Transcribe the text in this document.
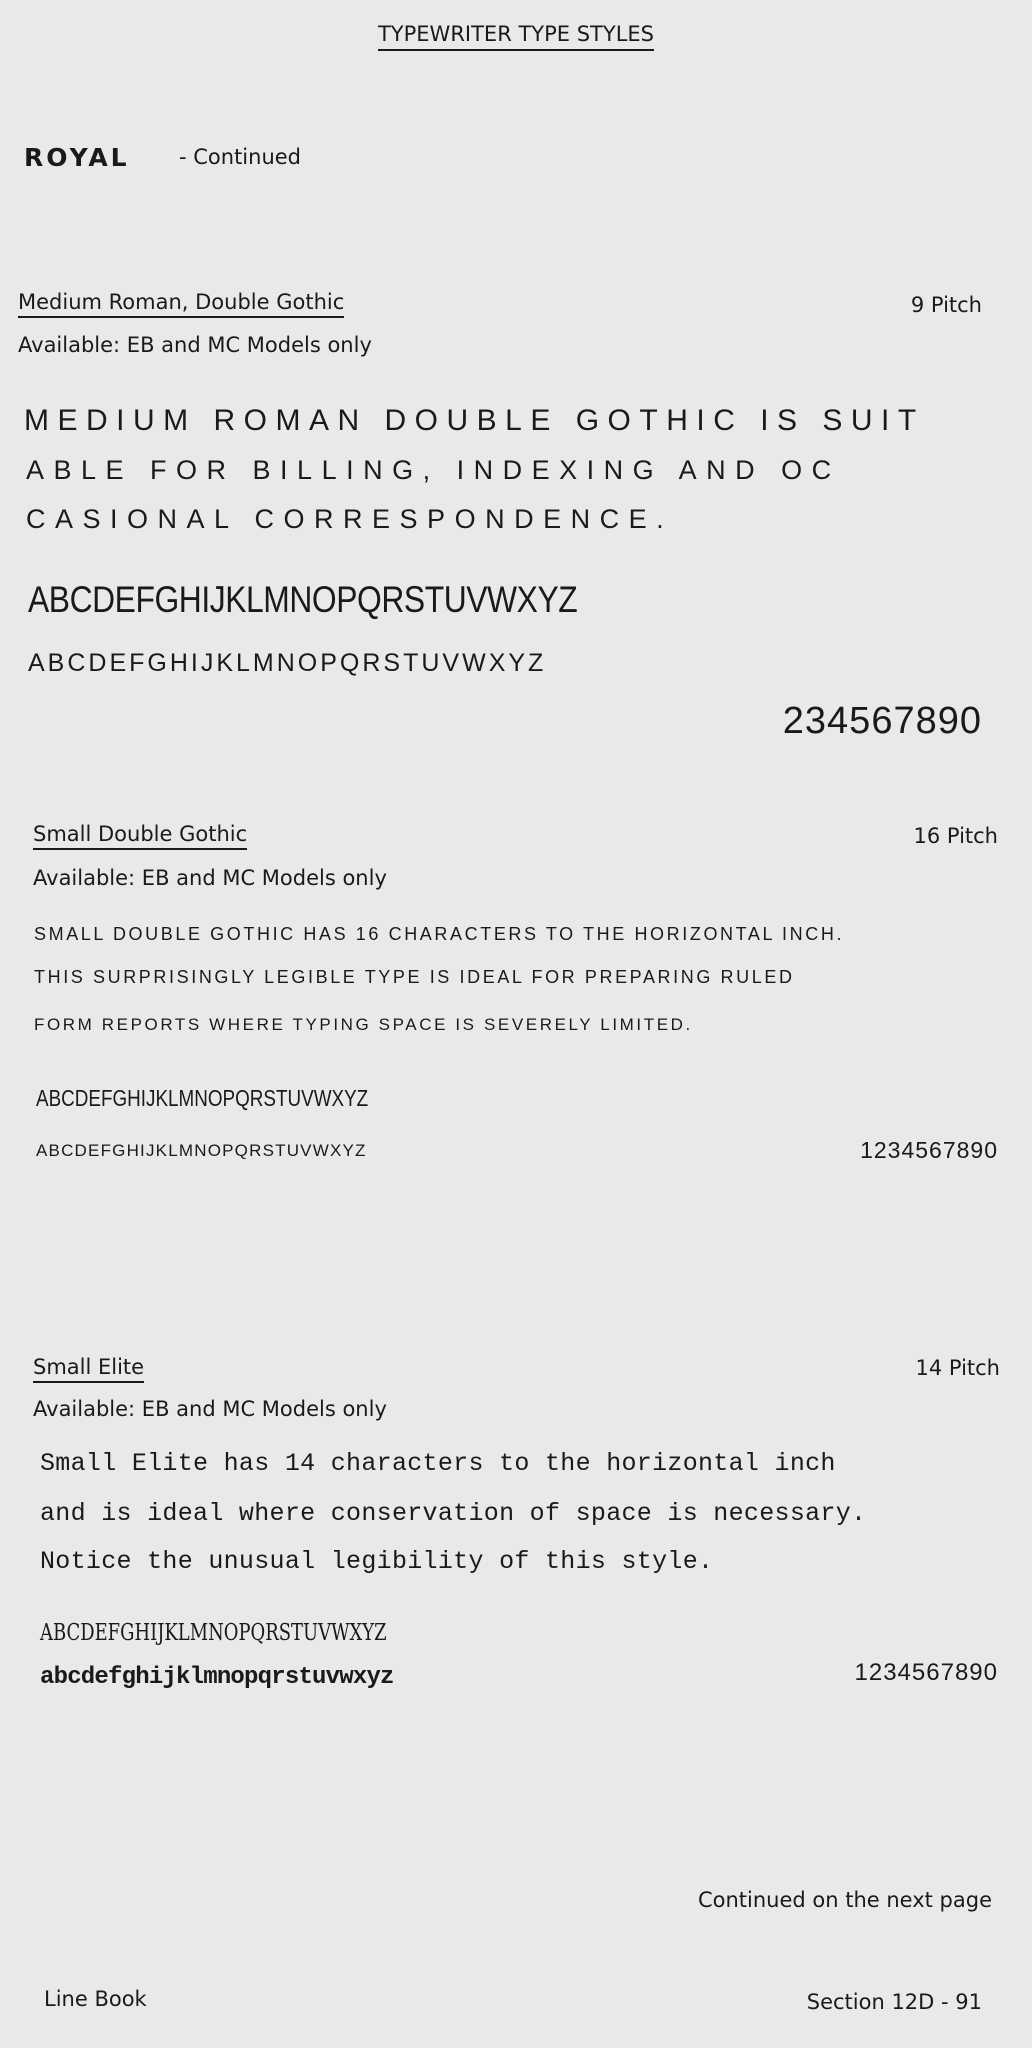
TYPEWRITER TYPE STYLES
ROYAL - Continued
Medium Roman, Double Gothic	9 Pitch
Available: EB and MC Models only
MEDIUM ROMAN DOUBLE GOTHIC IS SUIT
ABLE FOR BILLING, INDEXING AND OC
CASIONAL CORRESPONDENCE.
ABCDEFGHIJKLMNOPQRSTUVWXYZ
ABCDEFGHIJKLMNOPQRSTUVWXYZ
234567890
Small Double Gothic	16 Pitch
Available: EB and MC Models only
SMALL DOUBLE GOTHIC HAS 16 CHARACTERS TO THE HORIZONTAL INCH.
THIS SURPRISINGLY LEGIBLE TYPE IS IDEAL FOR PREPARING RULED
FORM REPORTS WHERE TYPING SPACE IS SEVERELY LIMITED.
ABCDEFGHIJKLMNOPQRSTUVWXYZ
ABCDEFGHIJKLMNOPQRSTUVWXYZ	1234567890
Small Elite	14 Pitch
Available: EB and MC Models only
Small Elite has 14 characters to the horizontal inch
and is ideal where conservation of space is necessary.
Notice the unusual legibility of this style.
ABCDEFGHIJKLMNOPQRSTUVWXYZ
abcdefghijklmnopqrstuvwxyz	1234567890
Continued on the next page
Line Book	Section 12D - 91
